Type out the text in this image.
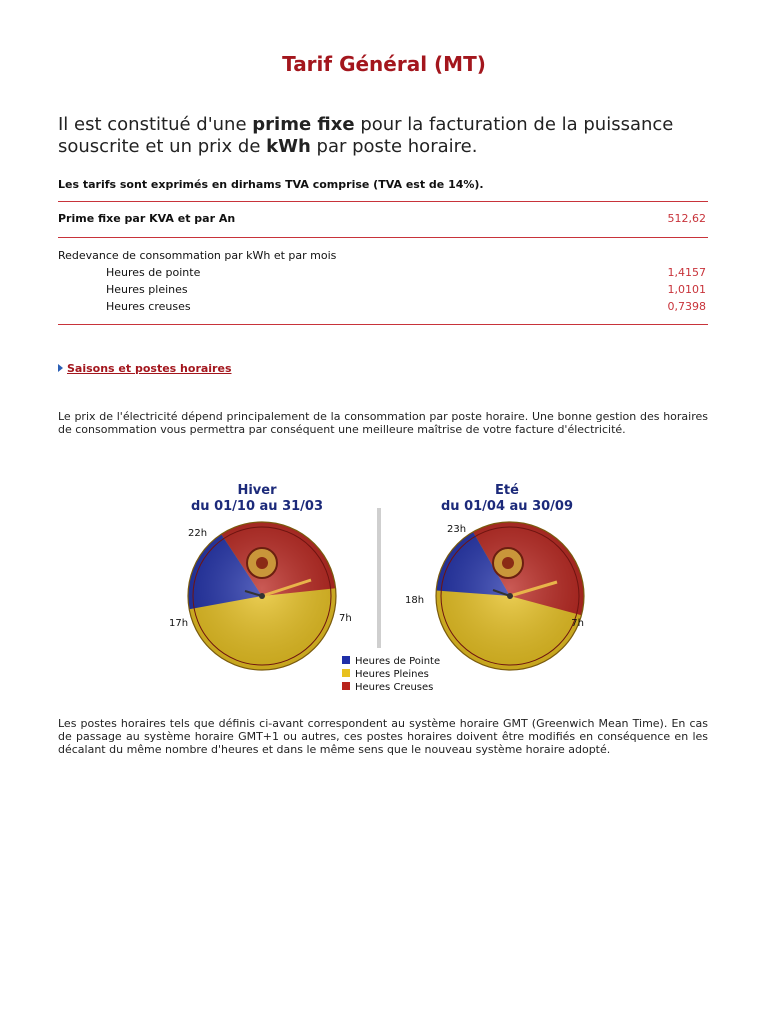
Tarif Général (MT)

Il est constitué d'une prime fixe pour la facturation de la puissance souscrite et un prix de kWh par poste horaire.

Les tarifs sont exprimés en dirhams TVA comprise (TVA est de 14%).

Prime fixe par KVA et par An	512,62
Redevance de consommation par kWh et par mois
Heures de pointe	1,4157
Heures pleines	1,0101
Heures creuses	0,7398
Saisons et postes horaires

Le prix de l'électricité dépend principalement de la consommation par poste horaire. Une bonne gestion des horaires de consommation vous permettra par conséquent une meilleure maîtrise de votre facture d'électricité.

Hiver
du 01/10 au 31/03
22h
17h	7h
Eté
du 01/04 au 30/09
23h
18h
7h
Heures de Pointe
Heures Pleines
Heures Creuses

Les postes horaires tels que définis ci-avant correspondent au système horaire GMT (Greenwich Mean Time). En cas de passage au système horaire GMT+1 ou autres, ces postes horaires doivent être modifiés en conséquence en les décalant du même nombre d'heures et dans le même sens que le nouveau système horaire adopté.
